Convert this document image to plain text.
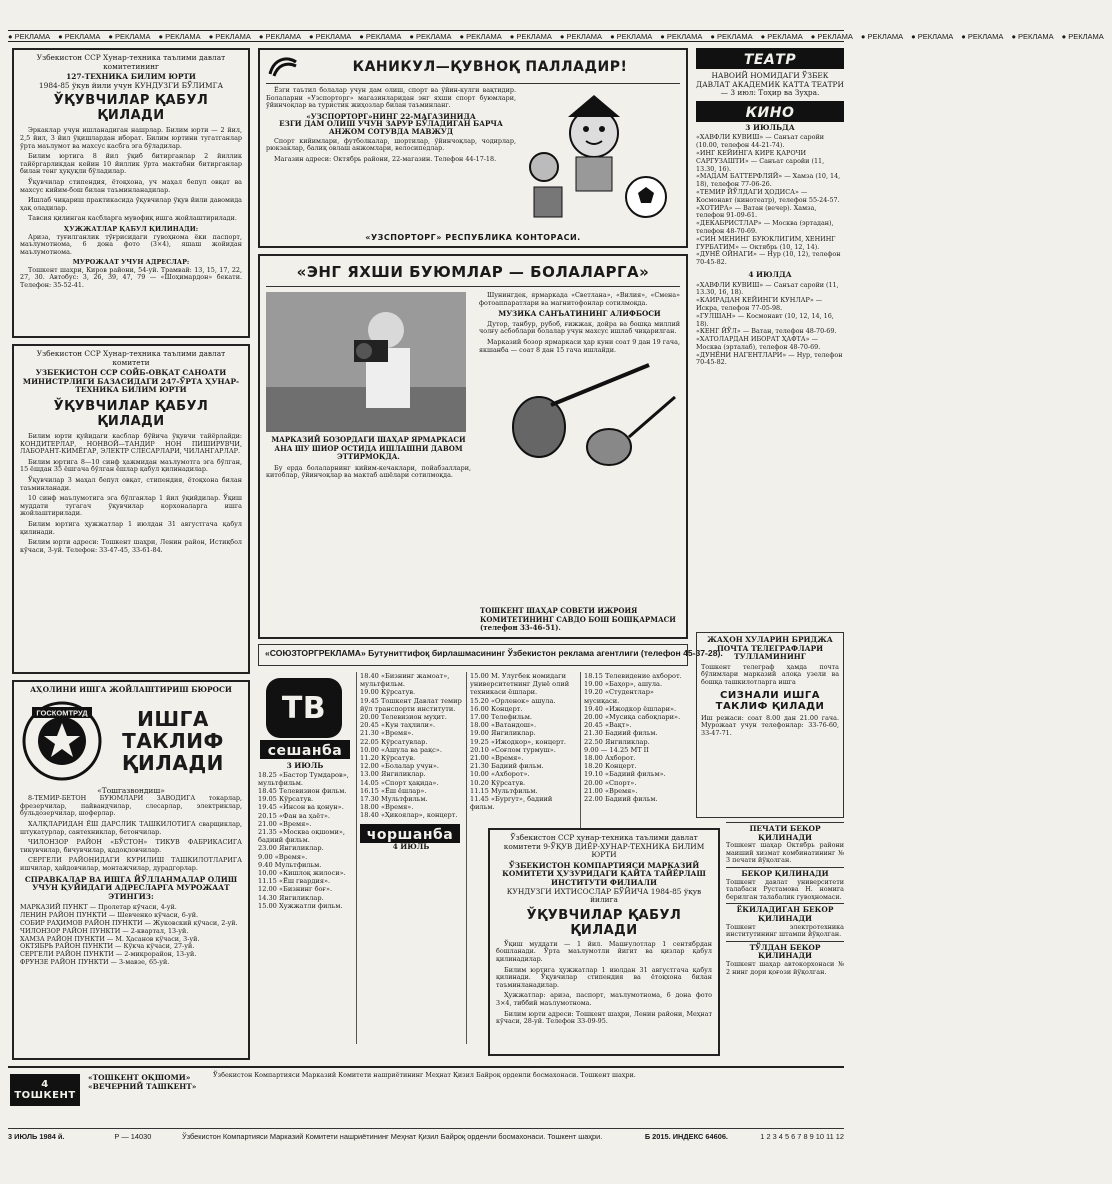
● РЕКЛАМА ● РЕКЛАМА ● РЕКЛАМА ● РЕКЛАМА ● РЕКЛАМА ● РЕКЛАМА ● РЕКЛАМА ● РЕКЛАМА ● РЕКЛАМА ● РЕКЛАМА ● РЕКЛАМА ● РЕКЛАМА ● РЕКЛАМА ● РЕКЛАМА ● РЕКЛАМА ● РЕКЛАМА ● РЕКЛАМА ● РЕКЛАМА ● РЕКЛАМА ● РЕКЛАМА ● РЕКЛАМА ● РЕКЛАМА
Узбекистон ССР Хунар-техника таълими давлат комитетининг
127-ТЕХНИКА БИЛИМ ЮРТИ
1984-85 ўкув йили учун КУНДУЗГИ БЎЛИМГА
ЎҚУВЧИЛАР ҚАБУЛ ҚИЛАДИ

Эркаклар учун ишланадиган нашрлар. Билим юрти — 2 йил, 2,5 йил, 3 йил ўқишлардан иборат. Билим юртини тугатганлар ўрта маълумот ва махсус касбга эга бўладилар.

Билим юртига 8 йил ўқиб битирганлар 2 йиллик тайёргарликдан кейин 10 йиллик ўрта мактабни битирганлар билан тенг ҳуқуқли бўладилар.

Ўқувчилар стипендия, ётоқхона, уч маҳал бепул овқат ва махсус кийим-бош билан таъминланадилар.

Ишлаб чиқариш практикасида ўқувчилар ўқув йили давомида ҳақ оладилар.

Тавсия қилинган касбларга мувофиқ ишга жойлаштирилади.

ҲУЖЖАТЛАР ҚАБУЛ ҚИЛИНАДИ:

Ариза, туғилганлик тўғрисидаги гувоҳнома ёки паспорт, маълумотнома, 6 дона фото (3×4), яшаш жойидан маълумотнома.

МУРОЖААТ УЧУН АДРЕСЛАР:

Тошкент шаҳри, Киров райони, 54-уй. Трамвай: 13, 15, 17, 22, 27, 30. Автобус: 3, 26, 39, 47, 79 — «Шоҳимардон» бекати. Телефон: 35-52-41.

Узбекистон ССР Хунар-техника таълими давлат комитети
УЗБЕКИСТОН ССР СОЙБ-ОВҚАТ САНОАТИ МИНИСТРЛИГИ БАЗАСИДАГИ 247-ЎРТА ҲУНАР-ТЕХНИКА БИЛИМ ЮРТИ
ЎҚУВЧИЛАР ҚАБУЛ ҚИЛАДИ

Билим юрти қуйидаги касблар бўйича ўқувчи тайёрлайди: КОНДИТЕРЛАР, НОНВОЙ—ТАНДИР НОН ПИШИРУВЧИ, ЛАБОРАНТ-КИМЁГАР, ЭЛЕКТР СЛЕСАРЛАРИ, ЧИЛАНГАРЛАР.

Билим юртига 8—10 синф ҳажмидан маълумотга эга бўлган, 15 ёшдан 35 ёшгача бўлган ёшлар қабул қилинадилар.

Ўқувчилар 3 маҳал бепул овқат, стипендия, ётоқхона билан таъминланади.

10 синф маълумотига эга бўлганлар 1 йил ўқийдилар. Ўқиш муддати тугагач ўқувчилар корхоналарга ишга жойлаштирилади.

Билим юртига ҳужжатлар 1 июлдан 31 августгача қабул қилинади.

Билим юрти адреси: Тошкент шаҳри, Ленин район, Истиқбол кўчаси, 3-уй. Телефон: 33-47-45, 33-61-84.

АҲОЛИНИ ИШГА ЖОЙЛАШТИРИШ БЮРОСИ
ГОСКОМТРУД	ИШГА ТАКЛИФ ҚИЛАДИ
«Тошгазвондиш»

8-ТЕМИР-БЕТОН БУЮМЛАРИ ЗАВОДИГА токарлар, фрезерчилар, пайвандчилар, слесарлар, электриклар, бульдозерчилар, шоферлар.

ХАЛҚЛАРИДАН ЁШ ДАРСЛИК ТАШКИЛОТИГА сварщиклар, штукатурлар, сантехниклар, бетончилар.

ЧИЛОНЗОР РАЙОН «БЎСТОН» ТИКУВ ФАБРИКАСИГА тикувчилар, бичувчилар, қадоқловчилар.

СЕРГЕЛИ РАЙОНИДАГИ КУРИЛИШ ТАШКИЛОТЛАРИГА ишчилар, ҳайдовчилар, монтажчилар, дурадгорлар.

СПРАВКАЛАР ВА ИШГА ЙЎЛЛАНМАЛАР ОЛИШ УЧУН ҚУЙИДАГИ АДРЕСЛАРГА МУРОЖААТ ЭТИНГИЗ:
МАРКАЗИЙ ПУНКТ — Пролетар кўчаси, 4-уй.
ЛЕНИН РАЙОН ПУНКТИ — Шевченко кўчаси, 6-уй.
СОБИР РАҲИМОВ РАЙОН ПУНКТИ — Жуковский кўчаси, 2-уй.
ЧИЛОНЗОР РАЙОН ПУНКТИ — 2-квартал, 13-уй.
ХАМЗА РАЙОН ПУНКТИ — М. Ҳасанов кўчаси, 3-уй.
ОКТЯБРЬ РАЙОН ПУНКТИ — Кўкча кўчаси, 27-уй.
СЕРГЕЛИ РАЙОН ПУНКТИ — 2-микрорайон, 13-уй.
ФРУНЗЕ РАЙОН ПУНКТИ — 3-мавзе, 65-уй.
КАНИКУЛ—ҚУВНОҚ ПАЛЛАДИР!

Ёзги таътил болалар учун дам олиш, спорт ва ўйин-кулги вақтидир. Болаларни «Узспорторг» магазинларидан энг яхши спорт буюмлари, ўйинчоқлар ва туристик жиҳозлар билан таъминланг.

«УЗСПОРТОРГ»НИНГ 22-МАГАЗИНИДА
ЕЗГИ ДАМ ОЛИШ УЧУН ЗАРУР БЎЛАДИГАН БАРЧА АНЖОМ СОТУВДА МАВЖУД

Спорт кийимлари, футболкалар, шортилар, ўйинчоқлар, чодирлар, рюкзаклар, балиқ овлаш анжомлари, велосипедлар.

Магазин адреси: Октябрь райони, 22-магазин. Телефон 44-17-18.

«УЗСПОРТОРГ» РЕСПУБЛИКА КОНТОРАСИ.
«ЭНГ ЯХШИ БУЮМЛАР — БОЛАЛАРГА»
МАРКАЗИЙ БОЗОРДАГИ ШАҲАР ЯРМАРКАСИ АНА ШУ ШИОР ОСТИДА ИШЛАШНИ ДАВОМ ЭТТИРМОҚДА.

Бу ерда болаларнинг кийим-кечаклари, пойабзаллари, китоблар, ўйинчоқлар ва мактаб ашёлари сотилмоқда.

Шунингдек, ярмаркада «Светлана», «Вилия», «Смена» фотоаппаратлари ва магнитофонлар сотилмоқда.

МУЗИКА САНЪАТИНИНГ АЛИФБОСИ

Дутор, танбур, рубоб, ғижжак, дойра ва бошқа миллий чолғу асбоблари болалар учун махсус ишлаб чиқарилган.

Марказий бозор ярмаркаси ҳар куни соат 9 дан 19 гача, якшанба — соат 8 дан 15 гача ишлайди.

ТОШКЕНТ ШАҲАР СОВЕТИ ИЖРОИЯ КОМИТЕТИНИНГ САВДО БОШ БОШҚАРМАСИ (телефон 33-46-51).
«СОЮЗТОРГРЕКЛАМА» Бутуниттифоқ бирлашмасининг Ўзбекистон реклама агентлиги (телефон 45-37-28).
ТВ
сешанба
3 ИЮЛЬ
18.25 «Бастор Тумдаров», мультфильм.
18.45 Телевизион фильм.
19.05 Кўрсатув.
19.45 «Инсон ва қонун».
20.15 «Фан ва ҳаёт».
21.00 «Время».
21.35 «Москва оқшоми», бадиий фильм.
23.00 Янгиликлар.
9.00 «Время».
9.40 Мультфильм.
10.00 «Кишлоқ жилоси».
11.15 «Ёш гвардия».
12.00 «Бизнинг боғ».
14.30 Янгиликлар.
15.00 Хужжатли фильм.
18.40 «Бизнинг жамоат», мультфильм.
19.00 Кўрсатув.
19.45 Тошкент Давлат темир йўл транспорти институти.
20.00 Телевизион муҳит.
20.45 «Кун таҳлили».
21.30 «Время».
22.05 Кўрсатувлар.
10.00 «Ашула ва рақс».
11.20 Кўрсатув.
12.00 «Болалар учун».
13.00 Янгиликлар.
14.05 «Спорт ҳақида».
16.15 «Ёш ёшлар».
17.30 Мультфильм.
18.00 «Время».
18.40 «Ҳикоялар», концерт.
чоршанба
4 ИЮЛЬ
15.00 М. Улугбек номидаги университетнинг Дунё олий техникаси ёшлари.
15.20 «Орленок» ашула.
16.00 Концерт.
17.00 Телефильм.
18.00 «Ватандош».
19.00 Янгиликлар.
19.25 «Ижодкор», концерт.
20.10 «Соғлом турмуш».
21.00 «Время».
21.30 Бадиий фильм.
10.00 «Ахборот».
10.20 Кўрсатув.
11.15 Мультфильм.
11.45 «Бургут», бадиий фильм.
18.15 Телевидение ахборот.
19.00 «Баҳор», ашула.
19.20 «Студентлар» мусиқаси.
19.40 «Ижодкор ёшлари».
20.00 «Мусиқа сабоқлари».
20.45 «Вақт».
21.30 Бадиий фильм.
22.50 Янгиликлар.
9.00 — 14.25 МТ II
18.00 Ахборот.
18.20 Концерт.
19.10 «Бадиий фильм».
20.00 «Спорт».
21.00 «Время».
22.00 Бадиий фильм.
Ўзбекистон ССР ҳунар-техника таълими давлат комитети 9-ЎҚУВ ДИЁР-ХУНАР-ТЕХНИКА БИЛИМ ЮРТИ
ЎЗБЕКИСТОН КОМПАРТИЯСИ МАРКАЗИЙ КОМИТЕТИ ҲУЗУРИДАГИ ҚАЙТА ТАЙЁРЛАШ ИНСТИТУТИ ФИЛИАЛИ
КУНДУЗГИ ИХТИСОСЛАР БЎЙИЧА 1984-85 ўқув йилига
ЎҚУВЧИЛАР ҚАБУЛ ҚИЛАДИ

Ўқиш муддати — 1 йил. Машғулотлар 1 сентябрдан бошланади. Ўрта маълумотли йигит ва қизлар қабул қилинадилар.

Билим юртига ҳужжатлар 1 июлдан 31 августгача қабул қилинади. Ўқувчилар стипендия ва ётоқхона билан таъминланадилар.

Ҳужжатлар: ариза, паспорт, маълумотнома, 6 дона фото 3×4, тиббий маълумотнома.

Билим юрти адреси: Тошкент шаҳри, Ленин райони, Меҳнат кўчаси, 28-уй. Телефон 33-09-95.

ТЕАТР
НАВОИЙ НОМИДАГИ ЎЗБЕК ДАВЛАТ АКАДЕМИК КАТТА ТЕАТРИ — 3 июл: Тоҳир ва Зуҳра.
КИНО
3 ИЮЛЬДА
«ХАВФЛИ КУВИШ» — Санъат саройи (10.00, телефон 44-21-74).
«ИНГ КЕЙИНГА КИРЕ ҚАРОЧИ САРГУЗАШТИ» — Санъат саройи (11, 13.30, 16).
«МАДАМ БАТТЕРФЛЯЙ» — Хамза (10, 14, 18), телефон 77-06-26.
«ТЕМИР ЙЎЛДАГИ ҲОДИСА» — Космонавт (кинотеатр), телефон 55-24-57.
«ХОТИРА» — Ватан (вечер). Хамза, телефон 91-09-61.
«ДЕКАБРИСТЛАР» — Москва (эртадан), телефон 48-70-69.
«СИН МЕНИНГ БУЮКЛИГИМ, ХЕНИНГ ГУРБАТИМ» — Октябрь (10, 12, 14).
«ДУНЁ ОЙНАГИ» — Нур (10, 12), телефон 70-45-82.
4 ИЮЛДА
«ХАВФЛИ КУВИШ» — Санъат саройи (11, 13.30, 16, 18).
«КАИРАДАН КЕЙИНГИ КУНЛАР» — Искра, телефон 77-05-98.
«ГУЛШАН» — Космонавт (10, 12, 14, 16, 18).
«КЕНГ ЙЎЛ» — Ватан, телефон 48-70-69.
«ХАТОЛАРДАН ИБОРАТ ҲАФТА» — Москва (эрталаб), телефон 48-70-69.
«ДУНЁНИ НАГЕНТЛАРИ» — Нур, телефон 70-45-82.
ЖАҲОН ХУЛАРИН БРИДЖА ПОЧТА ТЕЛЕГРАФЛАРИ ТУЛЛАМИНИНГ
Тошкент телеграф ҳамда почта бўлимлари марказий алоқа узели ва бошқа ташкилотларга ишга
СИЗНАЛИ ИШГА ТАКЛИФ ҚИЛАДИ
Иш режаси: соат 8.00 дан 21.00 гача. Мурожаат учун телефонлар: 33-76-60, 33-47-71.
ПЕЧАТИ БЕКОР ҚИЛИНАДИ
Тошкент шаҳар Октябрь райони маиший хизмат комбинатининг № 3 печати йўқолган.
БЕКОР ҚИЛИНАДИ
Тошкент давлат университети талабаси Рустамова Н. номига берилган талабалик гувоҳномаси.
ЁКИЛАДИГАН БЕКОР ҚИЛИНАДИ
Тошкент электротехника институтининг штампи йўқолган.
ТЎЛДАН БЕКОР ҚИЛИНАДИ
Тошкент шаҳар автокорхонаси № 2 нинг дори қоғози йўқолган.
4 ТОШКЕНТ
«ТОШКЕНТ ОҚШОМИ» «ВЕЧЕРНИЙ ТАШКЕНТ»
Ўзбекистон Компартияси Марказий Комитети нашриётининг Меҳнат Қизил Байроқ орденли босмахонаси. Тошкент шаҳри.
3 ИЮЛЬ 1984 й.	Р — 14030	Ўзбекистон Компартияси Марказий Комитети нашриётининг Меҳнат Қизил Байроқ орденли босмахонаси. Тошкент шаҳри.	Б 2015. ИНДЕКС 64606.	1 2 3 4 5 6 7 8 9 10 11 12
